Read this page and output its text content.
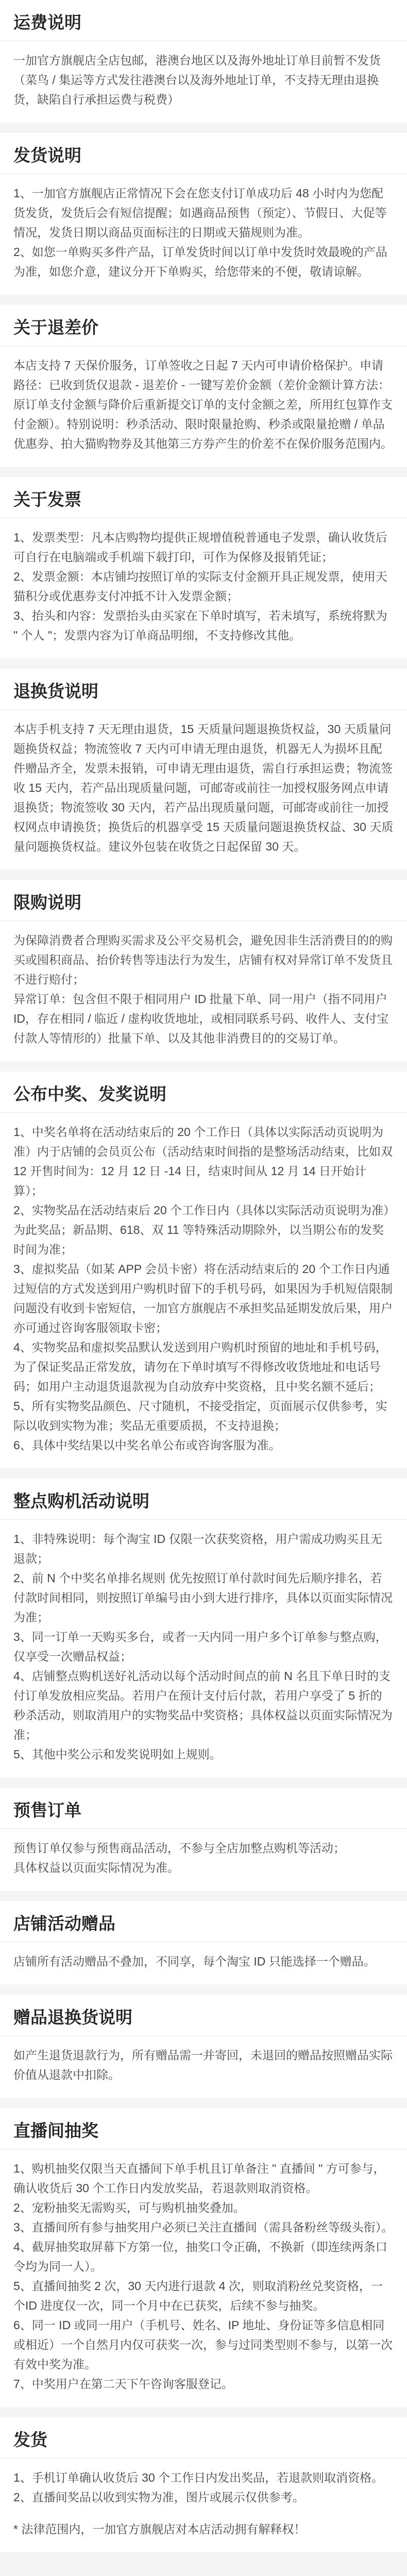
运费说明

一加官方旗舰店全店包邮，港澳台地区以及海外地址订单目前暂不发货（菜鸟 / 集运等方式发往港澳台以及海外地址订单，不支持无理由退换货，缺陷自行承担运费与税费）

发货说明

1、一加官方旗舰店正常情况下会在您支付订单成功后 48 小时内为您配货发货，发货后会有短信提醒；如遇商品预售（预定）、节假日、大促等情况，发货日期以商品页面标注的日期或天猫规则为准。

2、如您一单购买多件产品，订单发货时间以订单中发货时效最晚的产品为准，如您介意，建议分开下单购买，给您带来的不便，敬请谅解。

关于退差价

本店支持 7 天保价服务，订单签收之日起 7 天内可申请价格保护。申请路径：已收到货仅退款 - 退差价 - 一键写差价金额（差价金额计算方法：原订单支付金额与降价后重新提交订单的支付金额之差，所用红包算作支付金额）。特别说明：秒杀活动、限时限量抢购、秒杀或限量抢赠 / 单品优惠券、拍大猫购物券及其他第三方券产生的价差不在保价服务范围内。

关于发票

1、发票类型：凡本店购物均提供正规增值税普通电子发票，确认收货后可自行在电脑端或手机端下载打印，可作为保修及报销凭证；

2、发票金额：本店铺均按照订单的实际支付金额开具正规发票，使用天猫积分或优惠券支付冲抵不计入发票金额；

3、抬头和内容：发票抬头由买家在下单时填写，若未填写，系统将默为 " 个人 "；发票内容为订单商品明细，不支持修改其他。

退换货说明

本店手机支持 7 天无理由退货，15 天质量问题退换货权益，30 天质量问题换货权益；物流签收 7 天内可申请无理由退货，机器无人为损坏且配件赠品齐全，发票未报销，可申请无理由退货，需自行承担运费；物流签收 15 天内，若产品出现质量问题，可邮寄或前往一加授权服务网点申请退换货；物流签收 30 天内，若产品出现质量问题，可邮寄或前往一加授权网点申请换货；换货后的机器享受 15 天质量问题退换货权益、30 天质量问题换货权益。建议外包装在收货之日起保留 30 天。

限购说明

为保障消费者合理购买需求及公平交易机会，避免因非生活消费目的的购买或囤积商品、抬价转售等违法行为发生，店铺有权对异常订单不发货且不进行赔付；

异常订单：包含但不限于相同用户 ID 批量下单、同一用户（指不同用户 ID，存在相同 / 临近 / 虚构收货地址，或相同联系号码、收件人、支付宝付款人等情形的）批量下单、以及其他非消费目的的交易订单。

公布中奖、发奖说明

1、中奖名单将在活动结束后的 20 个工作日（具体以实际活动页说明为准）内于店铺的会员页公布（活动结束时间指的是整场活动结束，比如双 12 开售时间为：12 月 12 日 -14 日，结束时间从 12 月 14 日开始计算）；

2、实物奖品在活动结束后 20 个工作日内（具体以实际活动页说明为准）为此奖品；新品期、618、双 11 等特殊活动期除外，以当期公布的发奖时间为准；

3、虚拟奖品（如某 APP 会员卡密）将在活动结束后的 20 个工作日内通过短信的方式发送到用户购机时留下的手机号码，如果因为手机短信限制问题没有收到卡密短信，一加官方旗舰店不承担奖品延期发放后果，用户亦可通过咨询客服领取卡密；

4、实物奖品和虚拟奖品默认发送到用户购机时预留的地址和手机号码，为了保证奖品正常发放，请勿在下单时填写不得修改收货地址和电话号码；如用户主动退货退款视为自动放弃中奖资格，且中奖名额不延后；

5、所有实物奖品颜色、尺寸随机，不接受指定，页面展示仅供参考，实际以收到实物为准；奖品无重要质损，不支持退换；

6、具体中奖结果以中奖名单公布或咨询客服为准。

整点购机活动说明

1、非特殊说明：每个淘宝 ID 仅限一次获奖资格，用户需成功购买且无退款；

2、前 N 个中奖名单排名规则 优先按照订单付款时间先后顺序排名，若付款时间相同，则按照订单编号由小到大进行排序，具体以页面实际情况为准；

3、同一订单一天购买多台，或者一天内同一用户多个订单参与整点购，仅享受一次赠品权益；

4、店铺整点购机送好礼活动以每个活动时间点的前 N 名且下单日时的支付订单发放相应奖品。若用户在预计支付后付款，若用户享受了 5 折的秒杀活动，则取消用户的实物奖品中奖资格；具体权益以页面实际情况为准；

5、其他中奖公示和发奖说明如上规则。

预售订单

预售订单仅参与预售商品活动，不参与全店加整点购机等活动；

具体权益以页面实际情况为准。

店铺活动赠品

店铺所有活动赠品不叠加，不同享，每个淘宝 ID 只能选择一个赠品。

赠品退换货说明

如产生退货退款行为，所有赠品需一并寄回，未退回的赠品按照赠品实际价值从退款中扣除。

直播间抽奖

1、购机抽奖仅限当天直播间下单手机且订单备注 " 直播间 " 方可参与，确认收货后 30 个工作日内发放奖品，若退款则取消资格。

2、宠粉抽奖无需购买，可与购机抽奖叠加。

3、直播间所有参与抽奖用户必须已关注直播间（需具备粉丝等级头衔）。

4、截屏抽奖取屏幕下方第一位，抽奖口令正确，不换新（即连续两条口令均为同一人）。

5、直播间抽奖 2 次，30 天内进行退款 4 次，则取消粉丝兑奖资格，一个ID 进度仅一次，同一个月中在已获奖，后续不参与抽奖。

6、同一 ID 或同一用户（手机号、姓名、IP 地址、身份证等多信息相同或相近）一个自然月内仅可获奖一次，参与过同类型则不参与，以第一次有效中奖为准。

7、中奖用户在第二天下午咨询客服登记。

发货

1、手机订单确认收货后 30 个工作日内发出奖品，若退款则取消资格。

2、直播间奖品以收到实物为准，图片或展示仅供参考。

* 法律范围内，一加官方旗舰店对本店活动拥有解释权！
